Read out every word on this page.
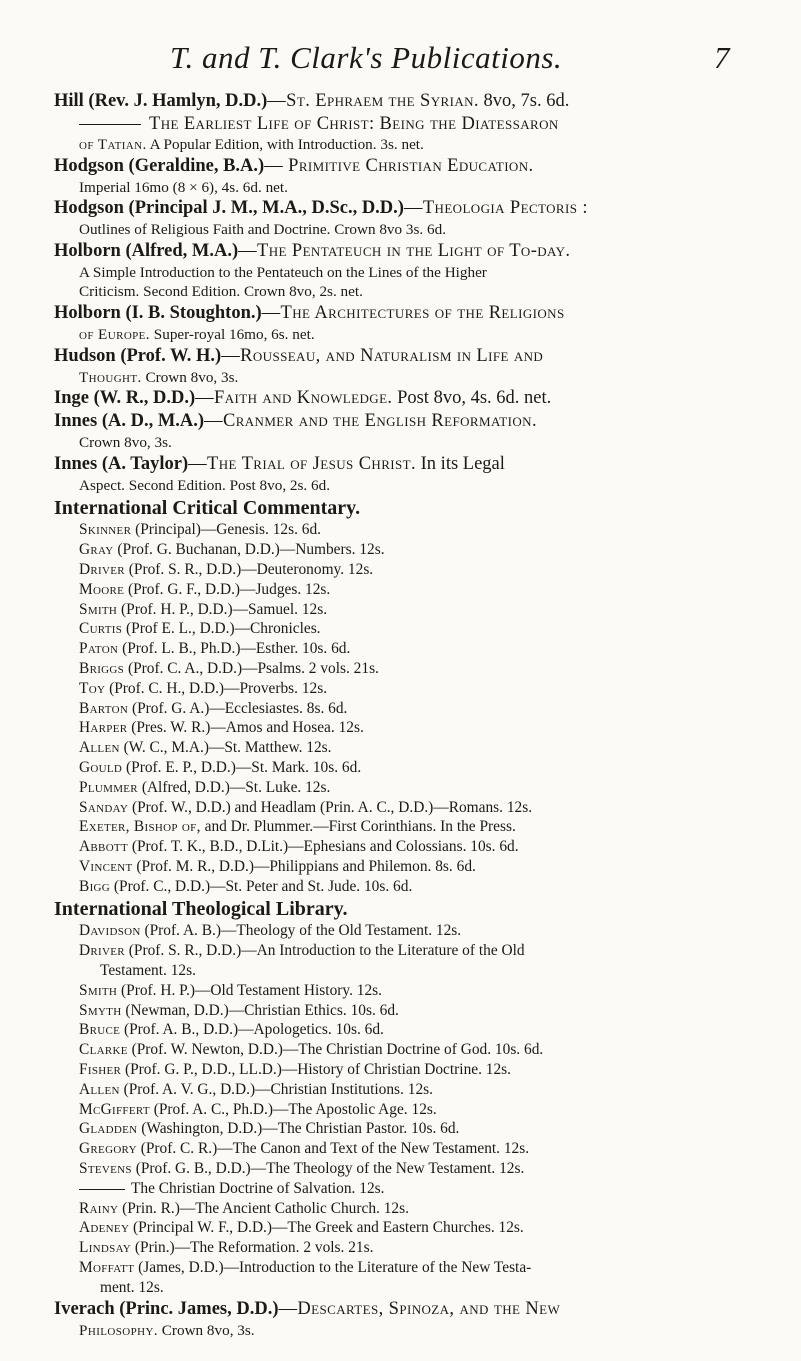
T. and T. Clark's Publications.	7

Hill (Rev. J. Hamlyn, D.D.)—St. Ephraem the Syrian. 8vo, 7s. 6d.

The Earliest Life of Christ: Being the Diatessaron

of Tatian. A Popular Edition, with Introduction. 3s. net.

Hodgson (Geraldine, B.A.)— Primitive Christian Education.

Imperial 16mo (8 × 6), 4s. 6d. net.

Hodgson (Principal J. M., M.A., D.Sc., D.D.)—Theologia Pectoris :

Outlines of Religious Faith and Doctrine. Crown 8vo 3s. 6d.

Holborn (Alfred, M.A.)—The Pentateuch in the Light of To-day.

A Simple Introduction to the Pentateuch on the Lines of the Higher

Criticism. Second Edition. Crown 8vo, 2s. net.

Holborn (I. B. Stoughton.)—The Architectures of the Religions

of Europe. Super-royal 16mo, 6s. net.

Hudson (Prof. W. H.)—Rousseau, and Naturalism in Life and

Thought. Crown 8vo, 3s.

Inge (W. R., D.D.)—Faith and Knowledge. Post 8vo, 4s. 6d. net.

Innes (A. D., M.A.)—Cranmer and the English Reformation.

Crown 8vo, 3s.

Innes (A. Taylor)—The Trial of Jesus Christ. In its Legal

Aspect. Second Edition. Post 8vo, 2s. 6d.

International Critical Commentary.

Skinner (Principal)—Genesis. 12s. 6d.
Gray (Prof. G. Buchanan, D.D.)—Numbers. 12s.
Driver (Prof. S. R., D.D.)—Deuteronomy. 12s.
Moore (Prof. G. F., D.D.)—Judges. 12s.
Smith (Prof. H. P., D.D.)—Samuel. 12s.
Curtis (Prof E. L., D.D.)—Chronicles.
Paton (Prof. L. B., Ph.D.)—Esther. 10s. 6d.
Briggs (Prof. C. A., D.D.)—Psalms. 2 vols. 21s.
Toy (Prof. C. H., D.D.)—Proverbs. 12s.
Barton (Prof. G. A.)—Ecclesiastes. 8s. 6d.
Harper (Pres. W. R.)—Amos and Hosea. 12s.
Allen (W. C., M.A.)—St. Matthew. 12s.
Gould (Prof. E. P., D.D.)—St. Mark. 10s. 6d.
Plummer (Alfred, D.D.)—St. Luke. 12s.
Sanday (Prof. W., D.D.) and Headlam (Prin. A. C., D.D.)—Romans. 12s.
Exeter, Bishop of, and Dr. Plummer.—First Corinthians. In the Press.
Abbott (Prof. T. K., B.D., D.Lit.)—Ephesians and Colossians. 10s. 6d.
Vincent (Prof. M. R., D.D.)—Philippians and Philemon. 8s. 6d.
Bigg (Prof. C., D.D.)—St. Peter and St. Jude. 10s. 6d.

International Theological Library.

Davidson (Prof. A. B.)—Theology of the Old Testament. 12s.
Driver (Prof. S. R., D.D.)—An Introduction to the Literature of the Old
Testament. 12s.
Smith (Prof. H. P.)—Old Testament History. 12s.
Smyth (Newman, D.D.)—Christian Ethics. 10s. 6d.
Bruce (Prof. A. B., D.D.)—Apologetics. 10s. 6d.
Clarke (Prof. W. Newton, D.D.)—The Christian Doctrine of God. 10s. 6d.
Fisher (Prof. G. P., D.D., LL.D.)—History of Christian Doctrine. 12s.
Allen (Prof. A. V. G., D.D.)—Christian Institutions. 12s.
McGiffert (Prof. A. C., Ph.D.)—The Apostolic Age. 12s.
Gladden (Washington, D.D.)—The Christian Pastor. 10s. 6d.
Gregory (Prof. C. R.)—The Canon and Text of the New Testament. 12s.
Stevens (Prof. G. B., D.D.)—The Theology of the New Testament. 12s.
The Christian Doctrine of Salvation. 12s.
Rainy (Prin. R.)—The Ancient Catholic Church. 12s.
Adeney (Principal W. F., D.D.)—The Greek and Eastern Churches. 12s.
Lindsay (Prin.)—The Reformation. 2 vols. 21s.
Moffatt (James, D.D.)—Introduction to the Literature of the New Testa-
ment. 12s.

Iverach (Princ. James, D.D.)—Descartes, Spinoza, and the New

Philosophy. Crown 8vo, 3s.
